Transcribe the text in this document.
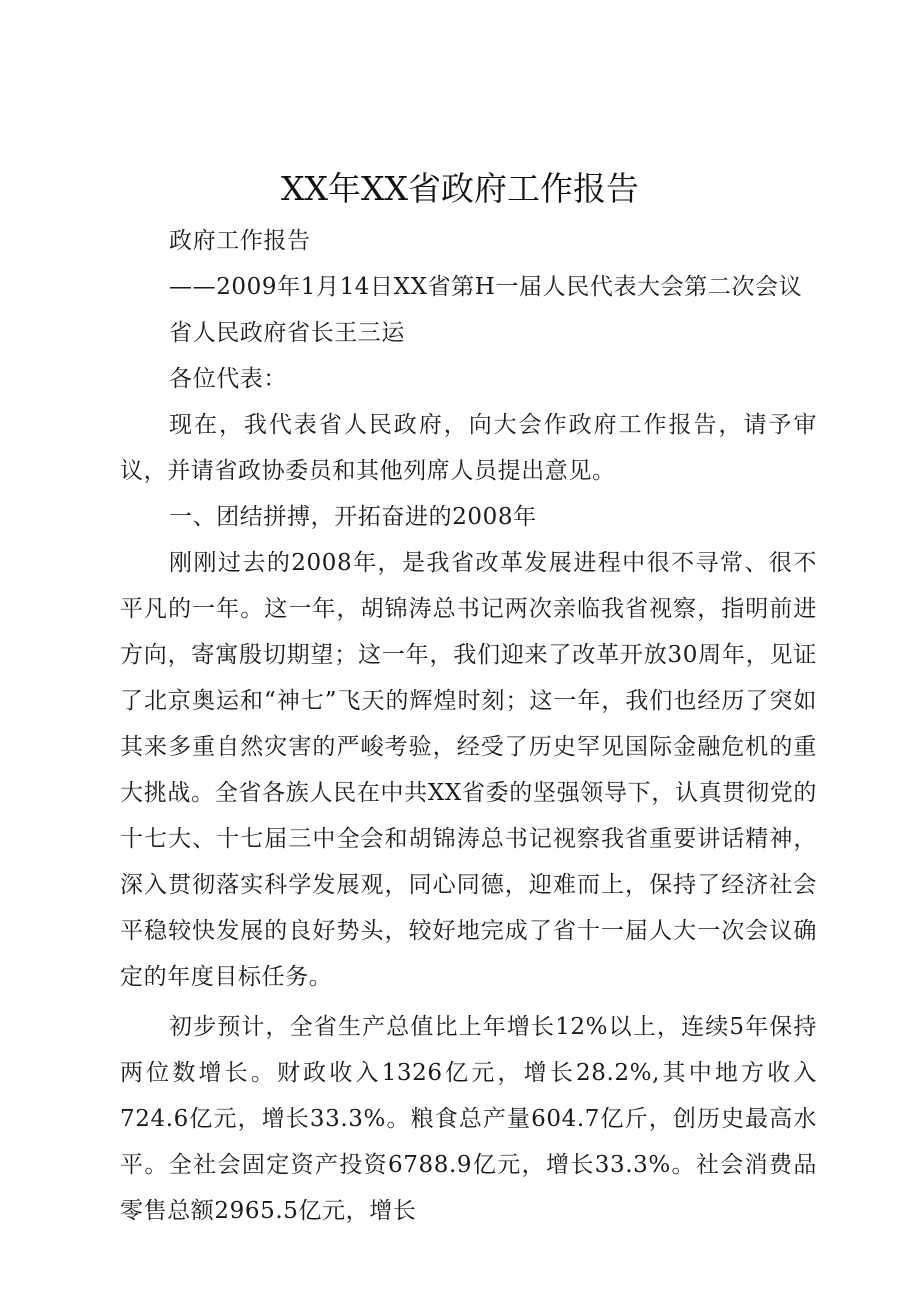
XX年XX省政府工作报告

政府工作报告

——2009年1月14日XX省第H一届人民代表大会第二次会议

省人民政府省长王三运

各位代表：

现在，我代表省人民政府，向大会作政府工作报告，请予审议，并请省政协委员和其他列席人员提出意见。

一、团结拼搏，开拓奋进的2008年

刚刚过去的2008年，是我省改革发展进程中很不寻常、很不平凡的一年。这一年，胡锦涛总书记两次亲临我省视察，指明前进方向，寄寓殷切期望；这一年，我们迎来了改革开放30周年，见证了北京奥运和“神七”飞天的辉煌时刻；这一年，我们也经历了突如其来多重自然灾害的严峻考验，经受了历史罕见国际金融危机的重大挑战。全省各族人民在中共XX省委的坚强领导下，认真贯彻党的十七大、十七届三中全会和胡锦涛总书记视察我省重要讲话精神，深入贯彻落实科学发展观，同心同德，迎难而上，保持了经济社会平稳较快发展的良好势头，较好地完成了省十一届人大一次会议确定的年度目标任务。

初步预计，全省生产总值比上年增长12%以上，连续5年保持两位数增长。财政收入1326亿元，增长28.2%,其中地方收入724.6亿元，增长33.3%。粮食总产量604.7亿斤，创历史最高水平。全社会固定资产投资6788.9亿元，增长33.3%。社会消费品零售总额2965.5亿元，增长
